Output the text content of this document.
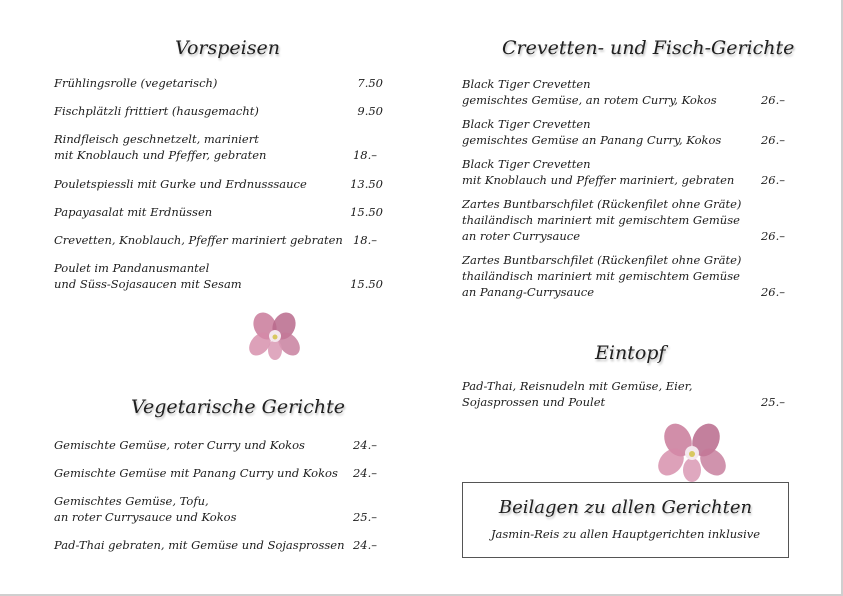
Vorspeisen
Frühlingsrolle (vegetarisch)	7.50
Fischplätzli frittiert (hausgemacht)	9.50
Rindfleisch geschnetzelt, mariniert
mit Knoblauch und Pfeffer, gebraten	18.–
Pouletspiessli mit Gurke und Erdnusssauce	13.50
Papayasalat mit Erdnüssen	15.50
Crevetten, Knoblauch, Pfeffer mariniert gebraten 18.–
Poulet im Pandanusmantel
und Süss-Sojasaucen mit Sesam	15.50
Vegetarische Gerichte
Gemischte Gemüse, roter Curry und Kokos	24.–
Gemischte Gemüse mit Panang Curry und Kokos	24.–
Gemischtes Gemüse, Tofu,
an roter Currysauce und Kokos	25.–
Pad-Thai gebraten, mit Gemüse und Sojasprossen 24.–
Crevetten- und Fisch-Gerichte
Black Tiger Crevetten
gemischtes Gemüse, an rotem Curry, Kokos	26.–
Black Tiger Crevetten
gemischtes Gemüse an Panang Curry, Kokos	26.–
Black Tiger Crevetten
mit Knoblauch und Pfeffer mariniert, gebraten	26.–
Zartes Buntbarschfilet (Rückenfilet ohne Gräte)
thailändisch mariniert mit gemischtem Gemüse
an roter Currysauce	26.–
Zartes Buntbarschfilet (Rückenfilet ohne Gräte)
thailändisch mariniert mit gemischtem Gemüse
an Panang-Currysauce	26.–
Eintopf
Pad-Thai, Reisnudeln mit Gemüse, Eier,
Sojasprossen und Poulet	25.–
Beilagen zu allen Gerichten
Jasmin-Reis zu allen Hauptgerichten inklusive
